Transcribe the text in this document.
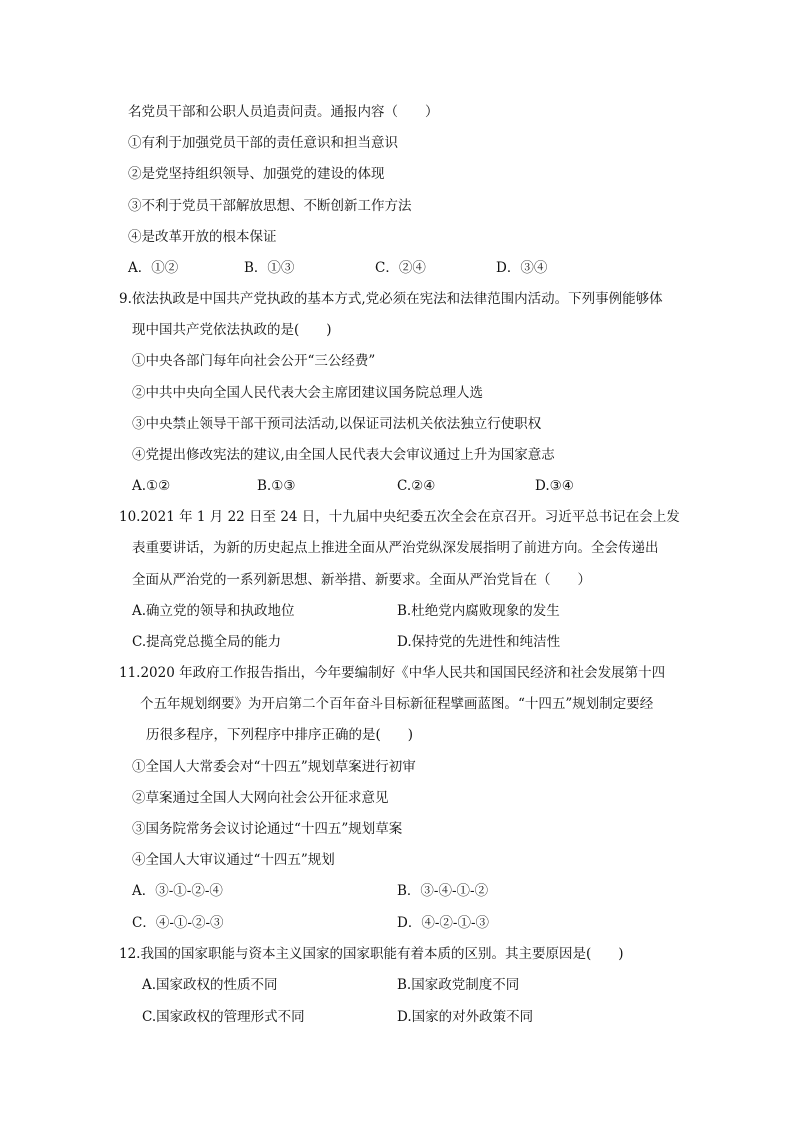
名党员干部和公职人员追责问责。通报内容（　　）
①有利于加强党员干部的责任意识和担当意识
②是党坚持组织领导、加强党的建设的体现
③不利于党员干部解放思想、不断创新工作方法
④是改革开放的根本保证
A．①②	B．①③	C．②④	D．③④
9.依法执政是中国共产党执政的基本方式,党必须在宪法和法律范围内活动。下列事例能够体
现中国共产党依法执政的是(　　)
①中央各部门每年向社会公开“三公经费”
②中共中央向全国人民代表大会主席团建议国务院总理人选
③中央禁止领导干部干预司法活动,以保证司法机关依法独立行使职权
④党提出修改宪法的建议,由全国人民代表大会审议通过上升为国家意志
A.①②	B.①③	C.②④	D.③④
10.2021 年 1 月 22 日至 24 日，十九届中央纪委五次全会在京召开。习近平总书记在会上发
表重要讲话，为新的历史起点上推进全面从严治党纵深发展指明了前进方向。全会传递出
全面从严治党的一系列新思想、新举措、新要求。全面从严治党旨在（　　）
A.确立党的领导和执政地位	B.杜绝党内腐败现象的发生
C.提高党总揽全局的能力	D.保持党的先进性和纯洁性
11.2020 年政府工作报告指出，今年要编制好《中华人民共和国国民经济和社会发展第十四
个五年规划纲要》为开启第二个百年奋斗目标新征程擘画蓝图。“十四五”规划制定要经
历很多程序，下列程序中排序正确的是(　　)
①全国人大常委会对“十四五”规划草案进行初审
②草案通过全国人大网向社会公开征求意见
③国务院常务会议讨论通过“十四五”规划草案
④全国人大审议通过“十四五”规划
A．③-①-②-④	B．③-④-①-②
C．④-①-②-③	D．④-②-①-③
12.我国的国家职能与资本主义国家的国家职能有着本质的区别。其主要原因是(　　)
A.国家政权的性质不同	B.国家政党制度不同
C.国家政权的管理形式不同	D.国家的对外政策不同
